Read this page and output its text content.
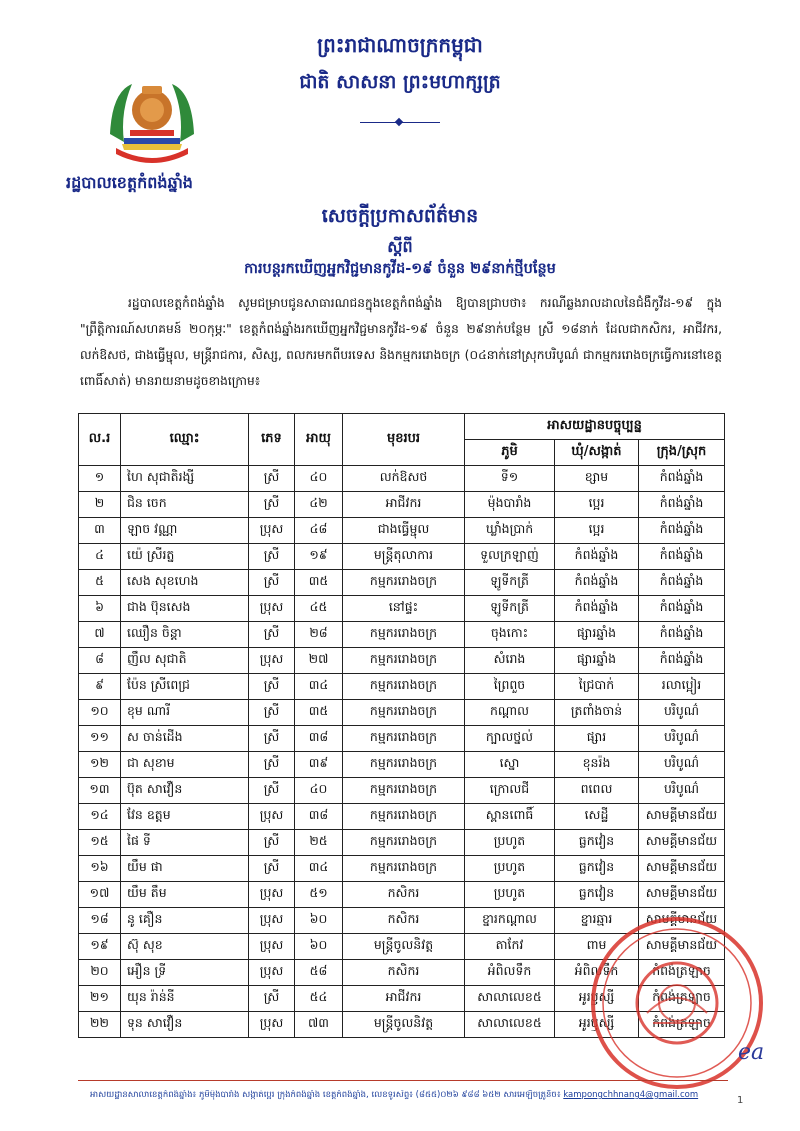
ព្រះរាជាណាចក្រកម្ពុជា
ជាតិ សាសនា ព្រះមហាក្សត្រ
រដ្ឋបាលខេត្តកំពង់ឆ្នាំង
សេចក្តីប្រកាសព័ត៌មាន
ស្តីពី
ការបន្តរកឃើញអ្នកវិជ្ជមានកូវីដ-១៩ ចំនួន ២៩នាក់ថ្មីបន្ថែម

រដ្ឋបាលខេត្តកំពង់ឆ្នាំង សូមជម្រាបជូនសាធារណជនក្នុងខេត្តកំពង់ឆ្នាំង ឱ្យបានជ្រាបថា៖ ករណីឆ្លងរាលដាលនៃជំងឺកូវីដ-១៩ ក្នុង "ព្រឹត្តិការណ៍សហគមន៍ ២០កុម្ភៈ" ខេត្តកំពង់ឆ្នាំងរកឃើញអ្នកវិជ្ជមានកូវីដ-១៩ ចំនួន ២៩នាក់បន្ថែម ស្រី ១៨នាក់ ដែលជាកសិករ, អាជីវករ, លក់ឱសថ, ជាងធ្វើម្ជុល, មន្ត្រីរាជការ, សិស្ស, ពលករមកពីបរទេស និងកម្មកររោងចក្រ (០៤នាក់នៅស្រុកបរិបូណ៌ ជាកម្មកររោងចក្រធ្វើការនៅខេត្តពោធិ៍សាត់) មានរាយនាមដូចខាងក្រោម៖

ល.រ	ឈ្មោះ	ភេទ	អាយុ	មុខរបរ	អាសយដ្ឋានបច្ចុប្បន្ន		
					ភូមិ	ឃុំ/សង្កាត់	ក្រុង/ស្រុក
១	ហៃ សុជាតិរង្សី	ស្រី	៤០	លក់ឱសថ	ទី១	ខ្សាម	កំពង់ឆ្នាំង
២	ជិន ចេក	ស្រី	៤២	អាជីវករ	ម៉ុងបារាំង	ប្អេរ	កំពង់ឆ្នាំង
៣	ឡាច វណ្ណា	ប្រុស	៤៨	ជាងធ្វើម្ជុល	ឃ្លាំងប្រាក់	ប្អេរ	កំពង់ឆ្នាំង
៤	យ៉េ ស្រីរត្ន	ស្រី	១៩	មន្ត្រីតុលាការ	ទួលក្រឡាញ់	កំពង់ឆ្នាំង	កំពង់ឆ្នាំង
៥	សេង សុខហេង	ស្រី	៣៥	កម្មកររោងចក្រ	ឡូទីកត្រី	កំពង់ឆ្នាំង	កំពង់ឆ្នាំង
៦	ជាង ប៊ុនសេង	ប្រុស	៤៥	នៅផ្ទះ	ឡូទីកត្រី	កំពង់ឆ្នាំង	កំពង់ឆ្នាំង
៧	ឈឿន ចិន្តា	ស្រី	២៨	កម្មកររោងចក្រ	ចុងកោះ	ផ្សារឆ្នាំង	កំពង់ឆ្នាំង
៨	ញឹល សុជាតិ	ប្រុស	២៧	កម្មកររោងចក្រ	សំរោង	ផ្សារឆ្នាំង	កំពង់ឆ្នាំង
៩	ប៉ែន ស្រីពេជ្រ	ស្រី	៣៤	កម្មកររោងចក្រ	ព្រៃពួច	ជ្រៃបាក់	រលាប្អៀរ
១០	ខុម ណារី	ស្រី	៣៥	កម្មកររោងចក្រ	កណ្តាល	ត្រពាំងចាន់	បរិបូណ៌
១១	ស ចាន់ដើង	ស្រី	៣៨	កម្មកររោងចក្រ	ក្បាលថ្នល់	ផ្សារ	បរិបូណ៌
១២	ជា សុខាម	ស្រី	៣៩	កម្មកររោងចក្រ	ស្នោ	ខុនរ៉ង	បរិបូណ៌
១៣	ប៊ុត សាវឿន	ស្រី	៤០	កម្មកររោងចក្រ	ក្រោលជី	ពពេល	បរិបូណ៌
១៤	វែន ឧត្តម	ប្រុស	៣៨	កម្មកររោងចក្រ	ស្ពានពោធិ៍	សេដ្ឋី	សាមគ្គីមានជ័យ
១៥	ផៃ ទី	ស្រី	២៥	កម្មកររោងចក្រ	ប្រហូត	ធ្លកវៀន	សាមគ្គីមានជ័យ
១៦	យឹម ផា	ស្រី	៣៤	កម្មកររោងចក្រ	ប្រហូត	ធ្លកវៀន	សាមគ្គីមានជ័យ
១៧	យឹម តឹម	ប្រុស	៥១	កសិករ	ប្រហូត	ធ្លកវៀន	សាមគ្គីមានជ័យ
១៨	នូ គឿន	ប្រុស	៦០	កសិករ	ខ្នារកណ្តាល	ខ្នារឆ្មារ	សាមគ្គីមានជ័យ
១៩	ស៊ុ សុខ	ប្រុស	៦០	មន្ត្រីចូលនិវត្ត	តាកែវ	ពាម	សាមគ្គីមានជ័យ
២០	អឿន ទ្រី	ប្រុស	៥៨	កសិករ	អំពិលទឹក	អំពិលទឹក	កំពង់ត្រឡាច
២១	យុន រ៉ាន់នី	ស្រី	៥៤	អាជីវករ	សាលាលេខ៥	អូរឫស្សី	កំពង់ត្រឡាច
២២	ទុន សាវឿន	ប្រុស	៧៣	មន្ត្រីចូលនិវត្ត	សាលាលេខ៥	អូរឫស្សី	កំពង់ត្រឡាច
ea
អាសយដ្ឋានសាលាខេត្តកំពង់ឆ្នាំង៖ ភូមិម៉ុងបារាំង សង្កាត់ប្អេរ ក្រុងកំពង់ឆ្នាំង ខេត្តកំពង់ឆ្នាំង, លេខទូរស័ព្ទ៖ (៨៥៥)០២៦ ៩៨៨ ៦៥២ សារអេឡិចត្រូនិច៖ kampongchhnang4@gmail.com	1
